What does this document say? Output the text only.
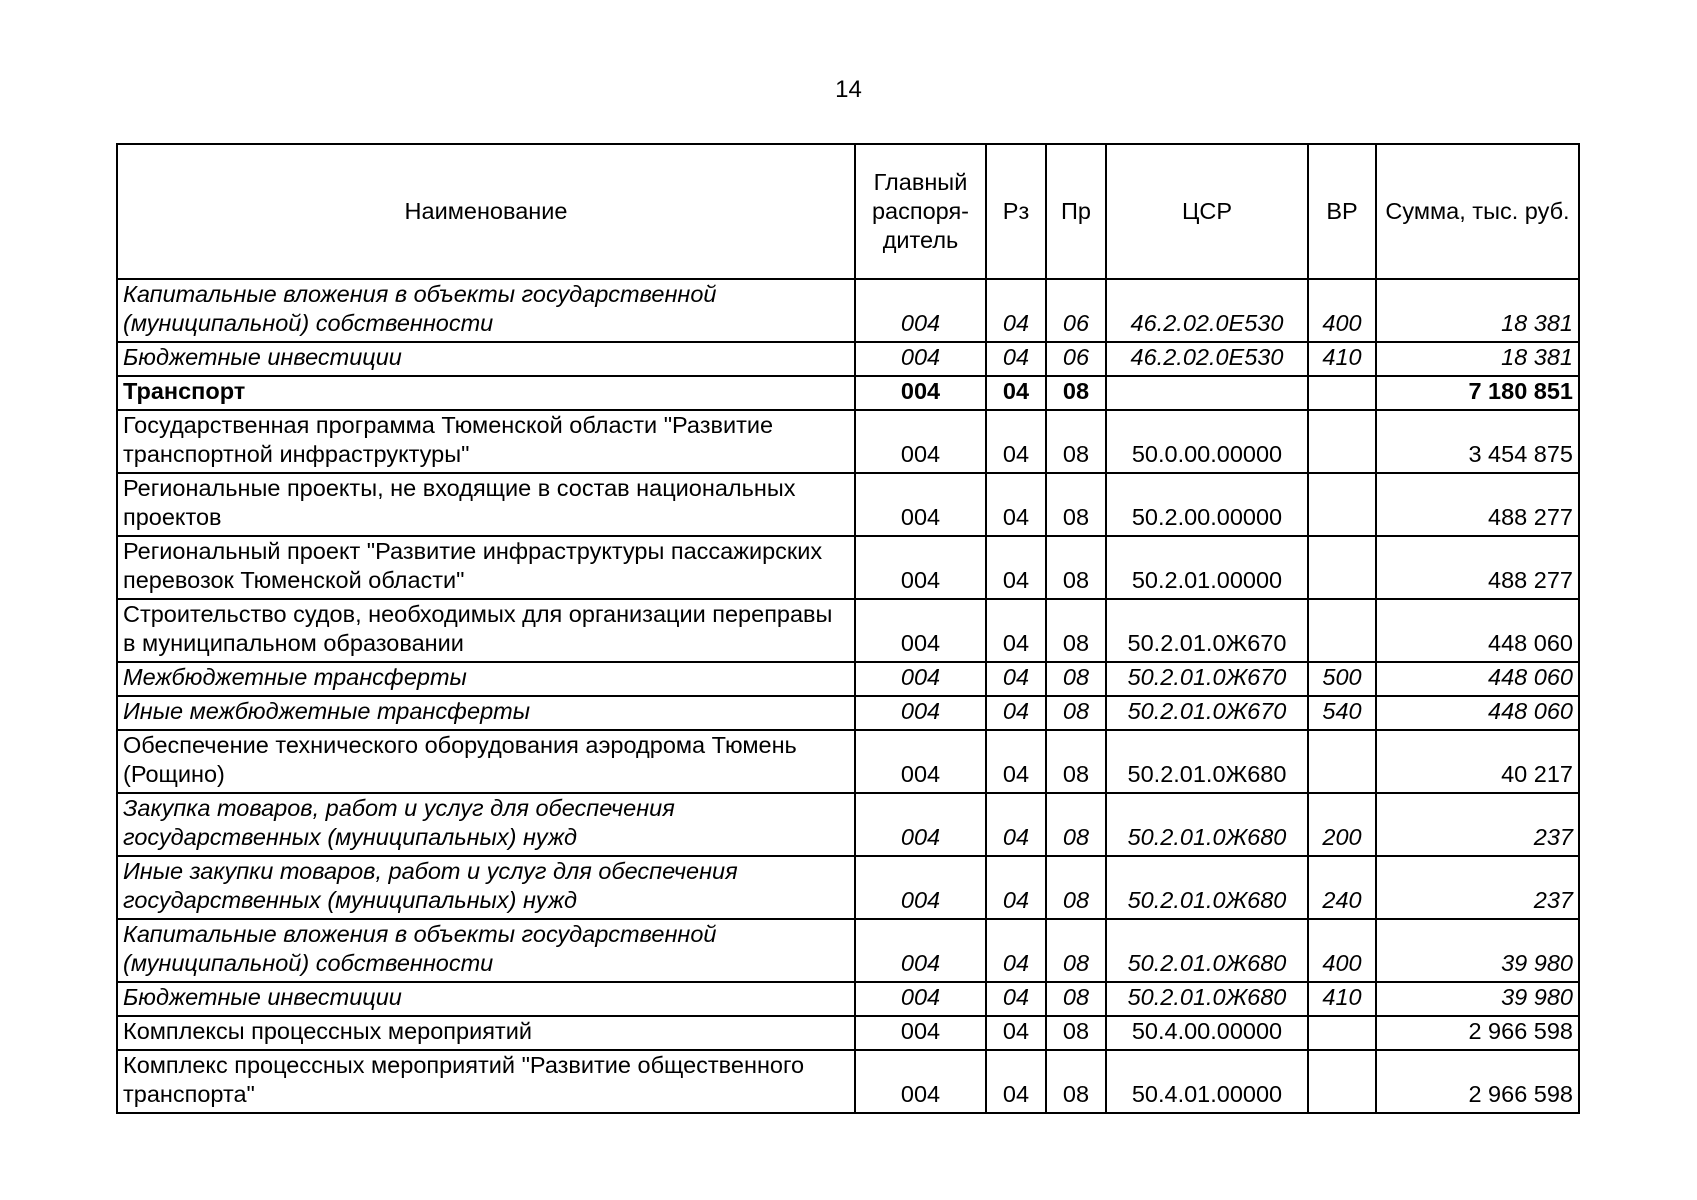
14
Наименование	Главный распоря-дитель	Рз	Пр	ЦСР	ВР	Сумма, тыс. руб.
Капитальные вложения в объекты государственной (муниципальной) собственности	004	04	06	46.2.02.0Е530	400	18 381
Бюджетные инвестиции	004	04	06	46.2.02.0Е530	410	18 381
Транспорт	004	04	08			7 180 851
Государственная программа Тюменской области "Развитие транспортной инфраструктуры"	004	04	08	50.0.00.00000		3 454 875
Региональные проекты, не входящие в состав национальных проектов	004	04	08	50.2.00.00000		488 277
Региональный проект "Развитие инфраструктуры пассажирских перевозок Тюменской области"	004	04	08	50.2.01.00000		488 277
Строительство судов, необходимых для организации переправы в муниципальном образовании	004	04	08	50.2.01.0Ж670		448 060
Межбюджетные трансферты	004	04	08	50.2.01.0Ж670	500	448 060
Иные межбюджетные трансферты	004	04	08	50.2.01.0Ж670	540	448 060
Обеспечение технического оборудования аэродрома Тюмень (Рощино)	004	04	08	50.2.01.0Ж680		40 217
Закупка товаров, работ и услуг для обеспечения государственных (муниципальных) нужд	004	04	08	50.2.01.0Ж680	200	237
Иные закупки товаров, работ и услуг для обеспечения государственных (муниципальных) нужд	004	04	08	50.2.01.0Ж680	240	237
Капитальные вложения в объекты государственной (муниципальной) собственности	004	04	08	50.2.01.0Ж680	400	39 980
Бюджетные инвестиции	004	04	08	50.2.01.0Ж680	410	39 980
Комплексы процессных мероприятий	004	04	08	50.4.00.00000		2 966 598
Комплекс процессных мероприятий "Развитие общественного транспорта"	004	04	08	50.4.01.00000		2 966 598
